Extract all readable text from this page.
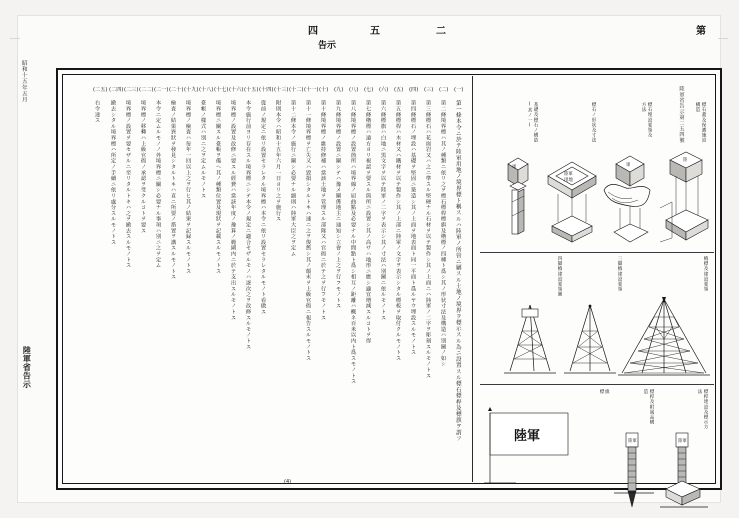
第
二
五
四
告示
昭和十五年五月
陸軍省告示	第一條本令ニ於テ陸軍用地ノ境界標ト稱スルハ陸軍ノ所管ニ屬スル土地ノ境界ヲ標示スル為ニ設置スル標石標桿及標旗ヲ謂フ
第二條境界標ハ其ノ種類ニ依リ之ヲ標石標桿標旗及櫓標ノ四種ト爲シ其ノ形状寸法及構造ハ別圖ノ如シ
第三條標石ハ花崗岩又ハ之ニ準スル堅硬ナル石材ヲ以テ製作シ其ノ上面ニハ陸軍ノ二字ヲ彫刻スルモノトス
第四條標石ノ埋設ハ基礎ヲ堅固ニ築造シ其ノ上面ヲ地表面ト同一平面ト爲ルヤウ埋設スルモノトス
第五條標桿ハ木材又ハ鐵材ヲ以テ製作シ其ノ上部ニ陸軍ノ文字ヲ表示シタル標板ヲ取付クルモノトス
第六條標旗ハ白地ニ黒文字ヲ以テ陸軍ノ二字ヲ表示シ其ノ寸法ハ別圖ニ依ルモノトス
第七條櫓標ハ遠方ヨリ視認ヲ要スル箇所ニ設置シ其ノ高サハ地形ニ應シ適宜増減スルコトヲ得
第八條境界標ノ設置箇所ハ境界線ノ屈曲點及必要ナル中間點ト爲シ相互ノ距離ハ概ネ百米以内ト爲スモノトス
第九條境界標ノ設置ニ關シテハ豫メ關係地主ニ通知シ立會ノ上之ヲ行フモノトス
第十條境界標ノ維持修補ハ當該土地ヲ管理スル部隊又ハ官衙ニ於テ之ヲ行フモノトス
第十一條境界標ヲ亡失又ハ毀損シタルトキハ速ニ之ヲ復舊シ其ノ顛末ヲ上級官衙ニ報告スルモノトス
第十二條本令ノ施行ニ關シ必要ナル細則ハ陸軍大臣之ヲ定ム
附則本令ハ昭和十五年六月一日ヨリ之ヲ施行ス
從前ノ規定ニ依リ設置セラレタル境界標ハ本令ニ依リ設置セラレタルモノト看做ス
本令施行前ヨリ存在スル境界標ニシテ本令ノ規定ニ適合セザルモノハ逐次之ヲ改修スルモノトス
境界標ノ設置及改修ニ要スル經費ハ當該年度ノ豫算ノ範圍内ニ於テ支出スルモノトス
境界標ニ關スル臺帳ヲ備ヘ其ノ種類位置及現狀ヲ記載スルモノトス
臺帳ノ樣式ハ別ニ之ヲ定ムルモノトス
境界標ノ檢査ハ毎年一回以上之ヲ行ヒ其ノ結果ヲ記録スルモノトス
檢査ノ結果異狀ヲ發見シタルトキハ直ニ所要ノ措置ヲ講スルモノトス
本令ニ定ムルモノノ外境界標ニ關シ必要ナル事項ハ別ニ之ヲ定ム
境界標ノ移轉ハ上級官衙ノ承認ヲ受クルコトヲ要ス
境界標ノ設置ヲ要セザルニ至リタルトキハ之ヲ撤去スルモノトス
撤去シタル境界標ハ所定ノ手續ニ依リ處分スルモノトス
右令達ス
(一)
(二)
(三)
(四)
(五)
(六)
(七)
(八)
(九)
(十)
(十一)
(十二)
(十三)
(十四)
(十五)
(十六)
(十七)
(十八)
(十九)
(二十)
(二一)
(二二)
(二三)
(二四)
(二五)
(4)
陸軍省告示第二五四號	標石蓋及保護施設構造
標石埋設要領及方法
標石ノ形状及寸法
基礎及標石ノ構造(其ノ一)
陸
軍
陸軍
用地
軍
櫓標及建設要領
三脚櫓建設要領
四脚櫓建設要領圖
標旗	標桿及附属品構造	標桿建設及標示方法
陸軍	陸軍	陸軍
